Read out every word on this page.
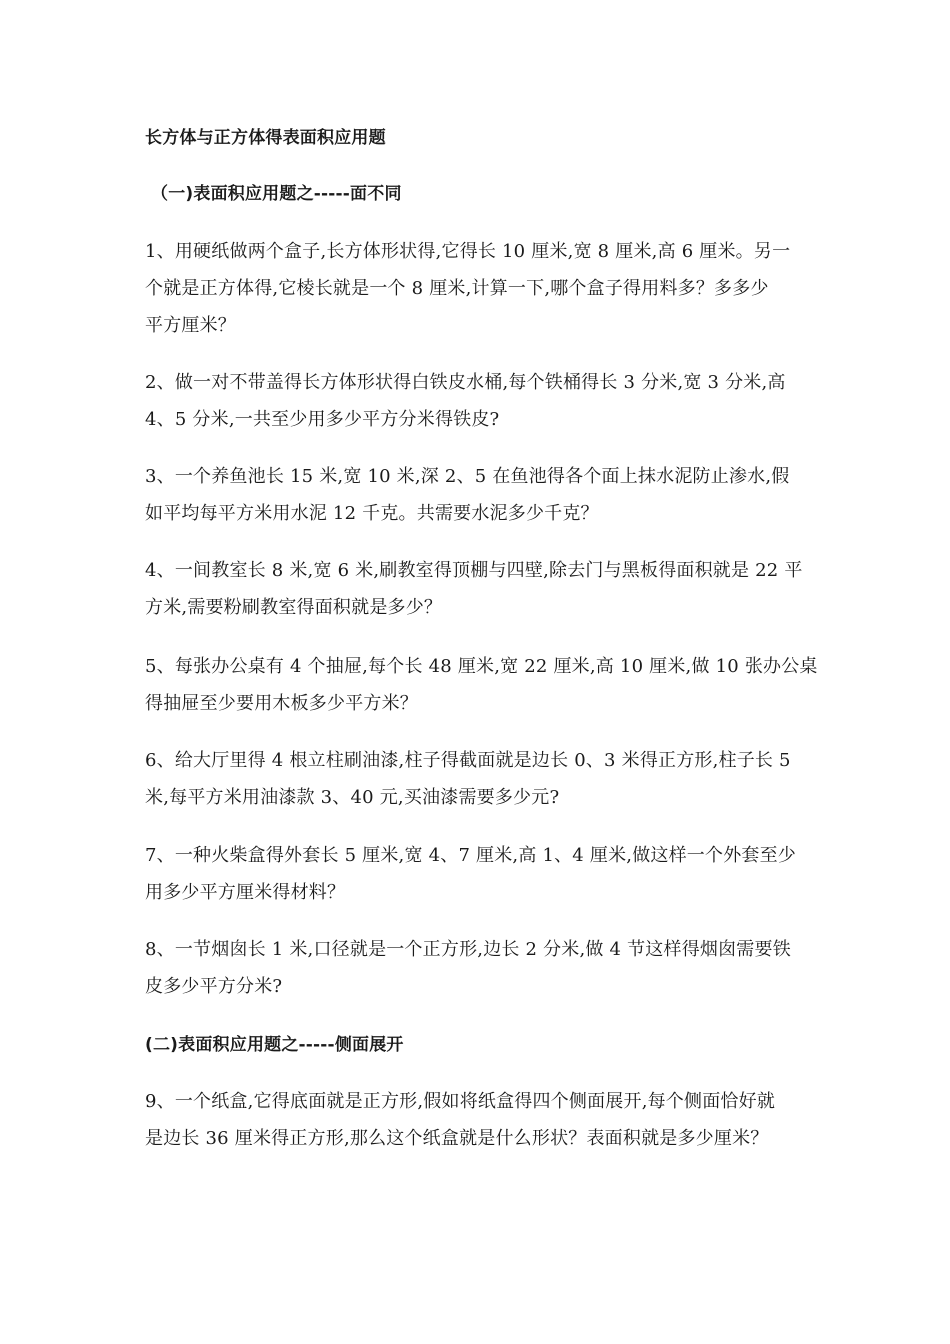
长方体与正方体得表面积应用题
（一)表面积应用题之-----面不同
1、用硬纸做两个盒子,长方体形状得,它得长 10 厘米,宽 8 厘米,高 6 厘米。另一
个就是正方体得,它棱长就是一个 8 厘米,计算一下,哪个盒子得用料多？多多少
平方厘米？
2、做一对不带盖得长方体形状得白铁皮水桶,每个铁桶得长 3 分米,宽 3 分米,高
4、5 分米,一共至少用多少平方分米得铁皮?
3、一个养鱼池长 15 米,宽 10 米,深 2、5 在鱼池得各个面上抹水泥防止渗水,假
如平均每平方米用水泥 12 千克。共需要水泥多少千克？
4、一间教室长 8 米,宽 6 米,刷教室得顶棚与四壁,除去门与黑板得面积就是 22 平
方米,需要粉刷教室得面积就是多少？
5、每张办公桌有 4 个抽屉,每个长 48 厘米,宽 22 厘米,高 10 厘米,做 10 张办公桌
得抽屉至少要用木板多少平方米？
6、给大厅里得 4 根立柱刷油漆,柱子得截面就是边长 0、3 米得正方形,柱子长 5
米,每平方米用油漆款 3、40 元,买油漆需要多少元?
7、一种火柴盒得外套长 5 厘米,宽 4、7 厘米,高 1、4 厘米,做这样一个外套至少
用多少平方厘米得材料？
8、一节烟囱长 1 米,口径就是一个正方形,边长 2 分米,做 4 节这样得烟囱需要铁
皮多少平方分米?
(二)表面积应用题之-----侧面展开
9、一个纸盒,它得底面就是正方形,假如将纸盒得四个侧面展开,每个侧面恰好就
是边长 36 厘米得正方形,那么这个纸盒就是什么形状？表面积就是多少厘米？
